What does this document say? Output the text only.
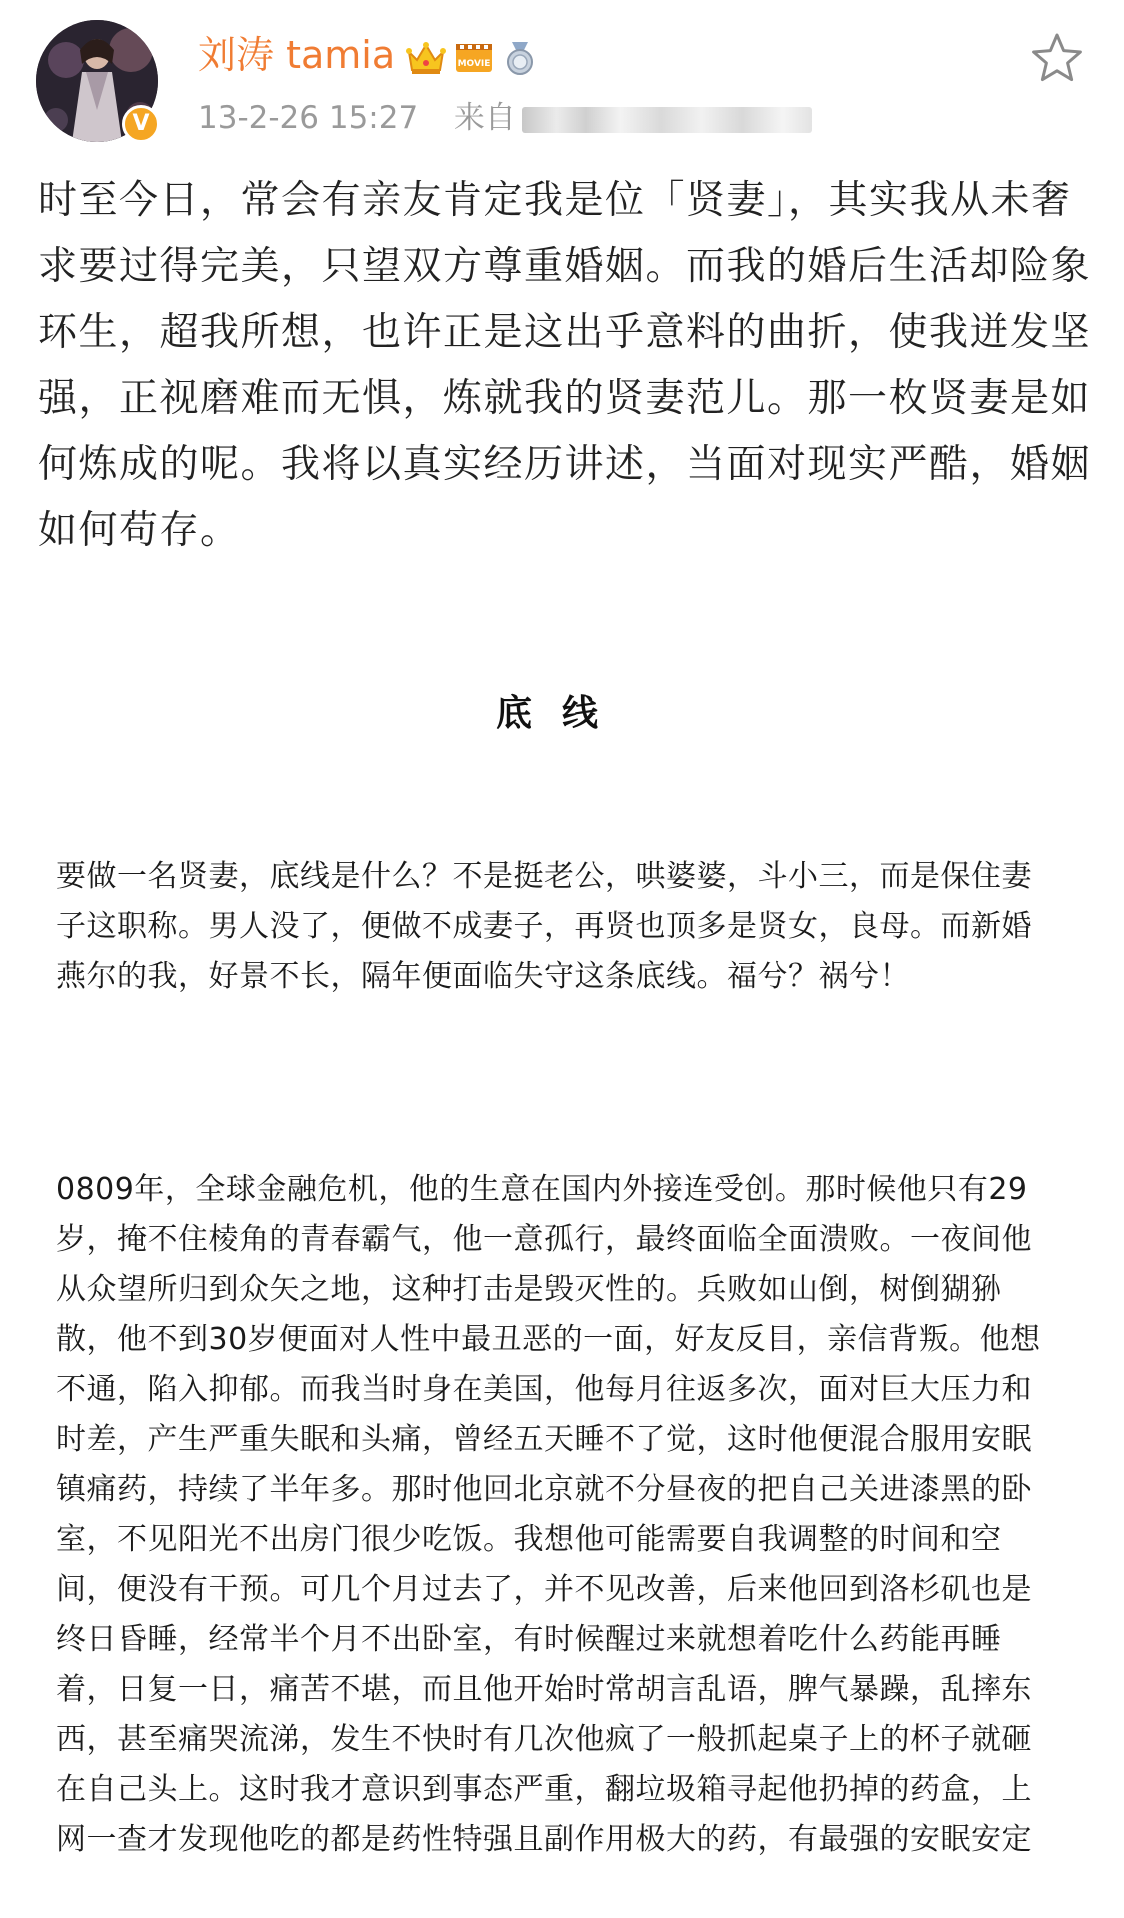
V
刘涛 tamia	MOVIE
13-2-26 15:27 来自

时至今日，常会有亲友肯定我是位「贤妻」，其实我从未奢求要过得完美，只望双方尊重婚姻。而我的婚后生活却险象环生，超我所想，也许正是这出乎意料的曲折，使我迸发坚强，正视磨难而无惧，炼就我的贤妻范儿。那一枚贤妻是如何炼成的呢。我将以真实经历讲述，当面对现实严酷，婚姻如何苟存。

底线

要做一名贤妻，底线是什么？不是挺老公，哄婆婆，斗小三，而是保住妻子这职称。男人没了，便做不成妻子，再贤也顶多是贤女，良母。而新婚燕尔的我，好景不长，隔年便面临失守这条底线。福兮？祸兮！

0809年，全球金融危机，他的生意在国内外接连受创。那时候他只有29岁，掩不住棱角的青春霸气，他一意孤行，最终面临全面溃败。一夜间他从众望所归到众矢之地，这种打击是毁灭性的。兵败如山倒，树倒猢狲散，他不到30岁便面对人性中最丑恶的一面，好友反目，亲信背叛。他想不通，陷入抑郁。而我当时身在美国，他每月往返多次，面对巨大压力和时差，产生严重失眠和头痛，曾经五天睡不了觉，这时他便混合服用安眠镇痛药，持续了半年多。那时他回北京就不分昼夜的把自己关进漆黑的卧室，不见阳光不出房门很少吃饭。我想他可能需要自我调整的时间和空间，便没有干预。可几个月过去了，并不见改善，后来他回到洛杉矶也是终日昏睡，经常半个月不出卧室，有时候醒过来就想着吃什么药能再睡着，日复一日，痛苦不堪，而且他开始时常胡言乱语，脾气暴躁，乱摔东西，甚至痛哭流涕，发生不快时有几次他疯了一般抓起桌子上的杯子就砸在自己头上。这时我才意识到事态严重，翻垃圾箱寻起他扔掉的药盒，上网一查才发现他吃的都是药性特强且副作用极大的药，有最强的安眠安定
